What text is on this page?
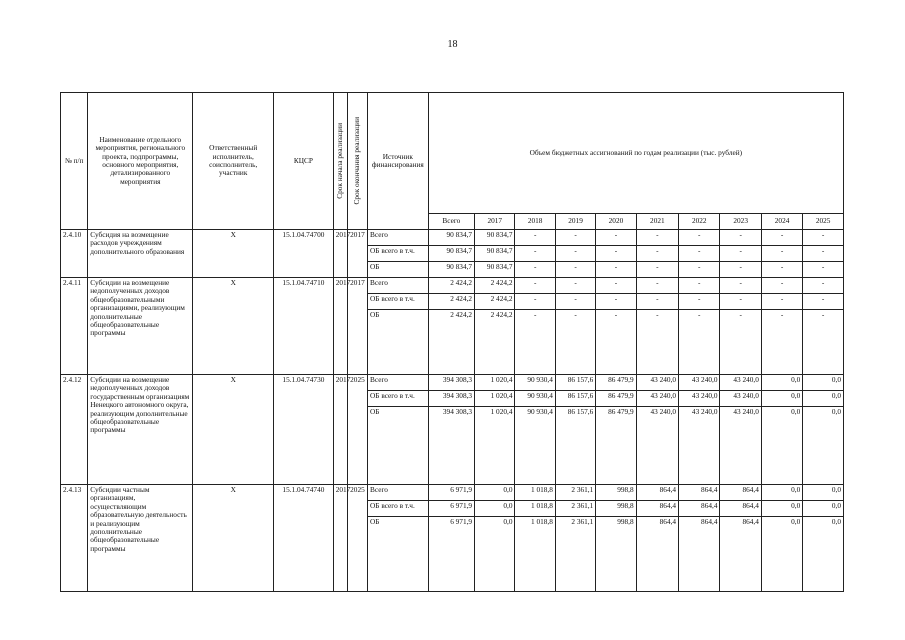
18
№ п/п	Наименование отдельного мероприятия, регионального проекта, подпрограммы, основного мероприятия, детализированного мероприятия	Ответственный исполнитель, соисполнитель, участник	КЦСР	Срок начала реализации	Срок окончания реализации	Источник финансирования	Объем бюджетных ассигнований по годам реализации (тыс. рублей)									
							Всего	2017	2018	2019	2020	2021	2022	2023	2024	2025
2.4.10	Субсидия на возмещение расходов учреждениям дополнительного образования	Х	15.1.04.74700	2017	2017	Всего	90 834,7	90 834,7	-	-	-	-	-	-	-	-
						ОБ всего в т.ч.	90 834,7	90 834,7	-	-	-	-	-	-	-	-
						ОБ	90 834,7	90 834,7	-	-	-	-	-	-	-	-
2.4.11	Субсидии на возмещение недополученных доходов общеобразовательными организациями, реализующим дополнительные общеобразовательные программы	Х	15.1.04.74710	2017	2017	Всего	2 424,2	2 424,2	-	-	-	-	-	-	-	-
						ОБ всего в т.ч.	2 424,2	2 424,2	-	-	-	-	-	-	-	-
						ОБ	2 424,2	2 424,2	-	-	-	-	-	-	-	-
2.4.12	Субсидии на возмещение недополученных доходов государственным организациям Ненецкого автономного округа, реализующим дополнительные общеобразовательные программы	Х	15.1.04.74730	2017	2025	Всего	394 308,3	1 020,4	90 930,4	86 157,6	86 479,9	43 240,0	43 240,0	43 240,0	0,0	0,0
						ОБ всего в т.ч.	394 308,3	1 020,4	90 930,4	86 157,6	86 479,9	43 240,0	43 240,0	43 240,0	0,0	0,0
						ОБ	394 308,3	1 020,4	90 930,4	86 157,6	86 479,9	43 240,0	43 240,0	43 240,0	0,0	0,0
2.4.13	Субсидии частным организациям, осуществляющим образовательную деятельность и реализующим дополнительные общеобразовательные программы	Х	15.1.04.74740	2017	2025	Всего	6 971,9	0,0	1 018,8	2 361,1	998,8	864,4	864,4	864,4	0,0	0,0
						ОБ всего в т.ч.	6 971,9	0,0	1 018,8	2 361,1	998,8	864,4	864,4	864,4	0,0	0,0
						ОБ	6 971,9	0,0	1 018,8	2 361,1	998,8	864,4	864,4	864,4	0,0	0,0
